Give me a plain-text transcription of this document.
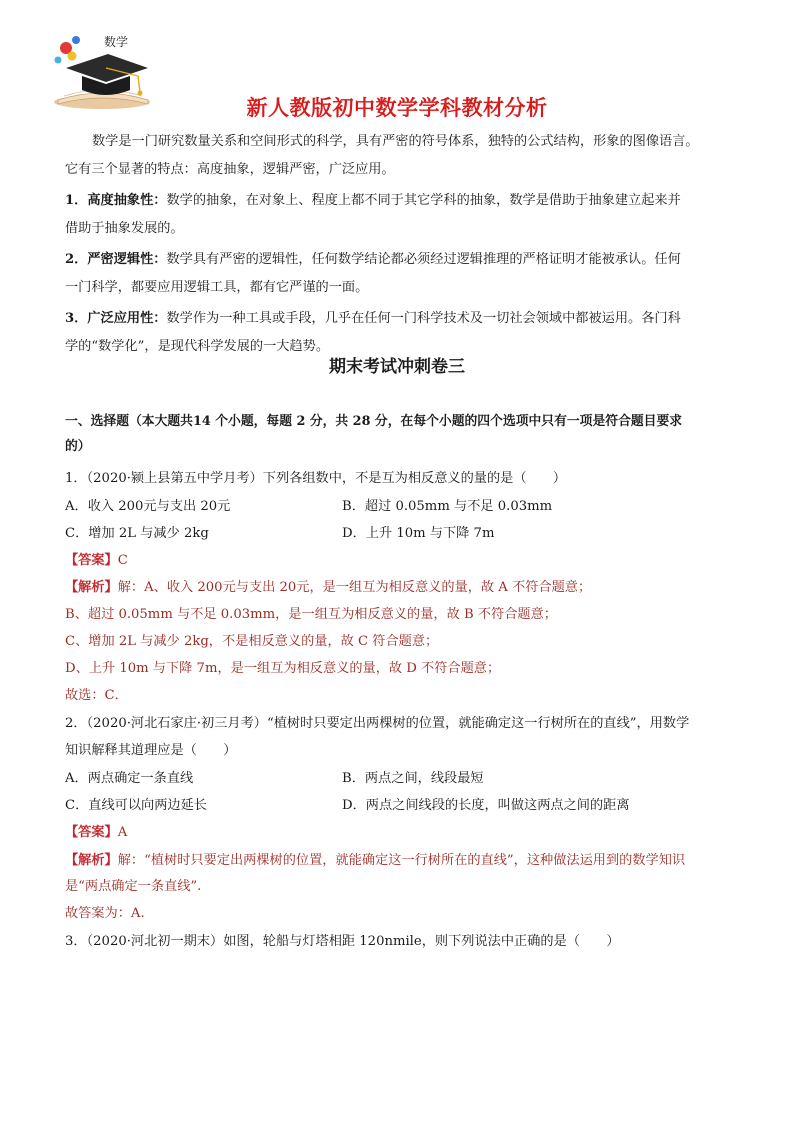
数学
新人教版初中数学学科教材分析
数学是一门研究数量关系和空间形式的科学，具有严密的符号体系，独特的公式结构，形象的图像语言。
它有三个显著的特点：高度抽象，逻辑严密，广泛应用。
1．高度抽象性：数学的抽象，在对象上、程度上都不同于其它学科的抽象，数学是借助于抽象建立起来并
借助于抽象发展的。
2．严密逻辑性：数学具有严密的逻辑性，任何数学结论都必须经过逻辑推理的严格证明才能被承认。任何
一门科学，都要应用逻辑工具，都有它严谨的一面。
3．广泛应用性：数学作为一种工具或手段，几乎在任何一门科学技术及一切社会领域中都被运用。各门科
学的“数学化”，是现代科学发展的一大趋势。
期末考试冲刺卷三
一、选择题（本大题共14 个小题，每题 2 分，共 28 分，在每个小题的四个选项中只有一项是符合题目要求
的）
1．（2020·颍上县第五中学月考）下列各组数中，不是互为相反意义的量的是（　　）
A．收入 200元与支出 20元	B．超过 0.05mm 与不足 0.03mm
C．增加 2L 与减少 2kg	D．上升 10m 与下降 7m
【答案】C
【解析】解：A、收入 200元与支出 20元，是一组互为相反意义的量，故 A 不符合题意；
B、超过 0.05mm 与不足 0.03mm，是一组互为相反意义的量，故 B 不符合题意；
C、增加 2L 与减少 2kg，不是相反意义的量，故 C 符合题意；
D、上升 10m 与下降 7m，是一组互为相反意义的量，故 D 不符合题意；
故选：C．
2．（2020·河北石家庄·初三月考）“植树时只要定出两棵树的位置，就能确定这一行树所在的直线”，用数学
知识解释其道理应是（　　）
A．两点确定一条直线	B．两点之间，线段最短
C．直线可以向两边延长	D．两点之间线段的长度，叫做这两点之间的距离
【答案】A
【解析】解：“植树时只要定出两棵树的位置，就能确定这一行树所在的直线”，这种做法运用到的数学知识
是“两点确定一条直线”.
故答案为：A.
3．（2020·河北初一期末）如图，轮船与灯塔相距 120nmile，则下列说法中正确的是（　　）
